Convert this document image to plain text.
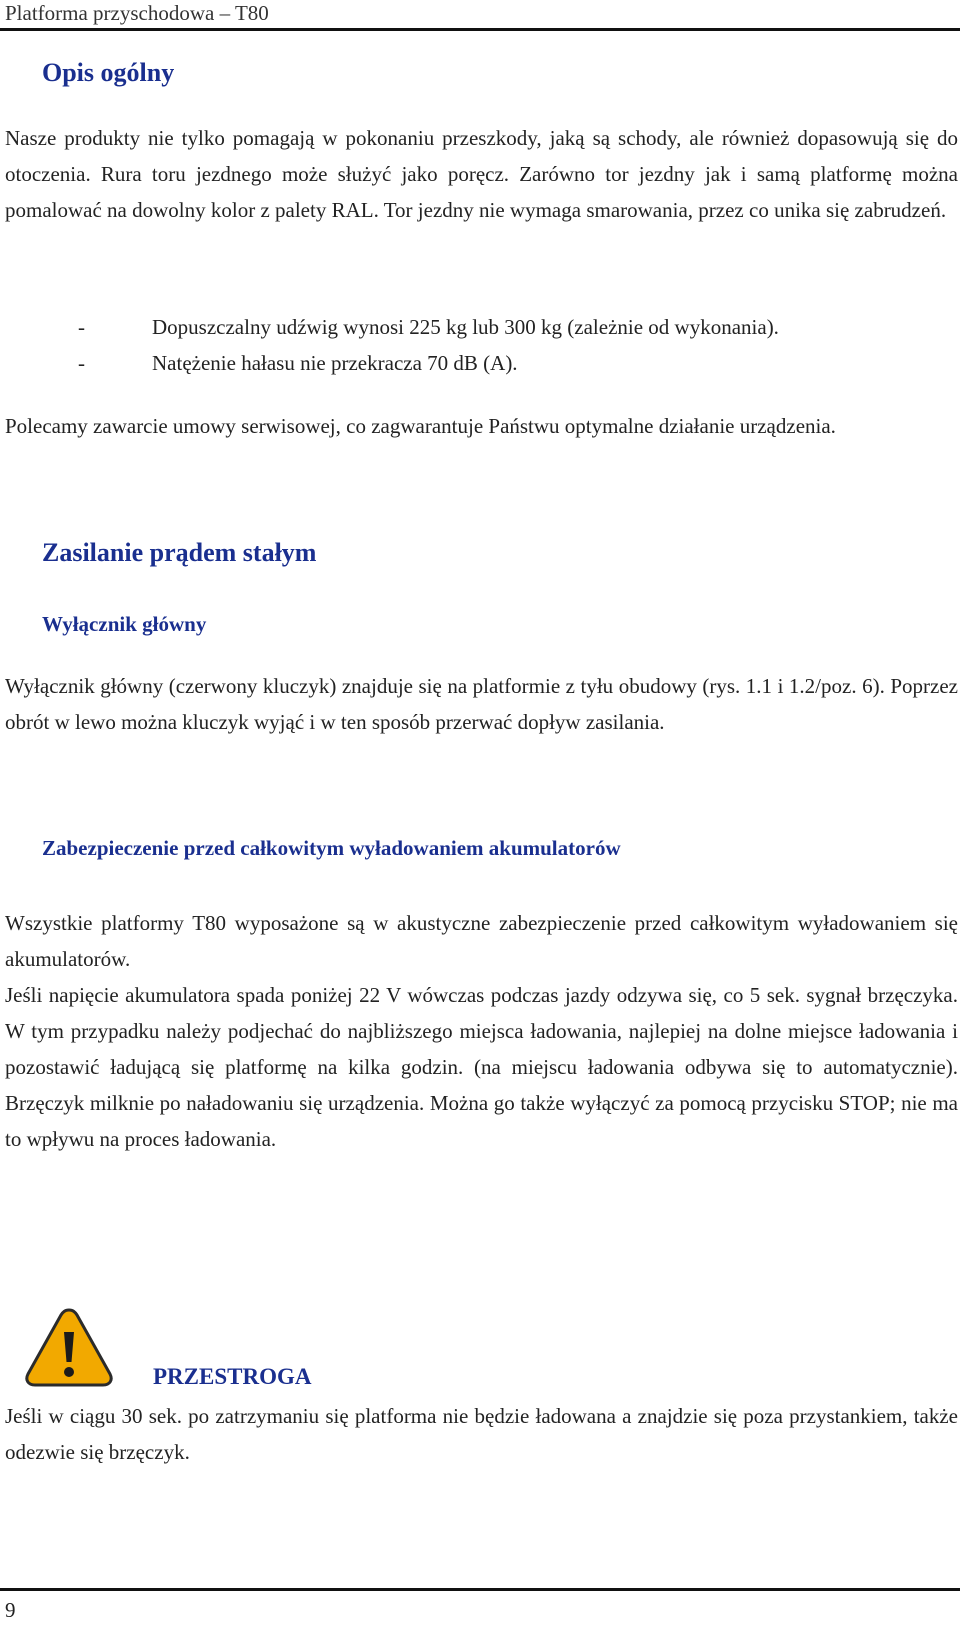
Platforma przyschodowa – T80
Opis ogólny

Nasze produkty nie tylko pomagają w pokonaniu przeszkody, jaką są schody, ale również dopasowują się do otoczenia. Rura toru jezdnego może służyć jako poręcz. Zarówno tor jezdny jak i samą platformę można pomalować na dowolny kolor z palety RAL. Tor jezdny nie wymaga smarowania, przez co unika się zabrudzeń.

-	Dopuszczalny udźwig wynosi 225 kg lub 300 kg (zależnie od wykonania).
-	Natężenie hałasu nie przekracza 70 dB (A).

Polecamy zawarcie umowy serwisowej, co zagwarantuje Państwu optymalne działanie urządzenia.

Zasilanie prądem stałym
Wyłącznik główny

Wyłącznik główny (czerwony kluczyk) znajduje się na platformie z tyłu obudowy (rys. 1.1 i 1.2/poz. 6). Poprzez obrót w lewo można kluczyk wyjąć i w ten sposób przerwać dopływ zasilania.

Zabezpieczenie przed całkowitym wyładowaniem akumulatorów

Wszystkie platformy T80 wyposażone są w akustyczne zabezpieczenie przed całkowitym wyładowaniem się akumulatorów.

Jeśli napięcie akumulatora spada poniżej 22 V wówczas podczas jazdy odzywa się, co 5 sek. sygnał brzęczyka. W tym przypadku należy podjechać do najbliższego miejsca ładowania, najlepiej na dolne miejsce ładowania i pozostawić ładującą się platformę na kilka godzin. (na miejscu ładowania odbywa się to automatycznie). Brzęczyk milknie po naładowaniu się urządzenia. Można go także wyłączyć za pomocą przycisku STOP; nie ma to wpływu na proces ładowania.

PRZESTROGA

Jeśli w ciągu 30 sek. po zatrzymaniu się platforma nie będzie ładowana a znajdzie się poza przystankiem, także odezwie się brzęczyk.

9
